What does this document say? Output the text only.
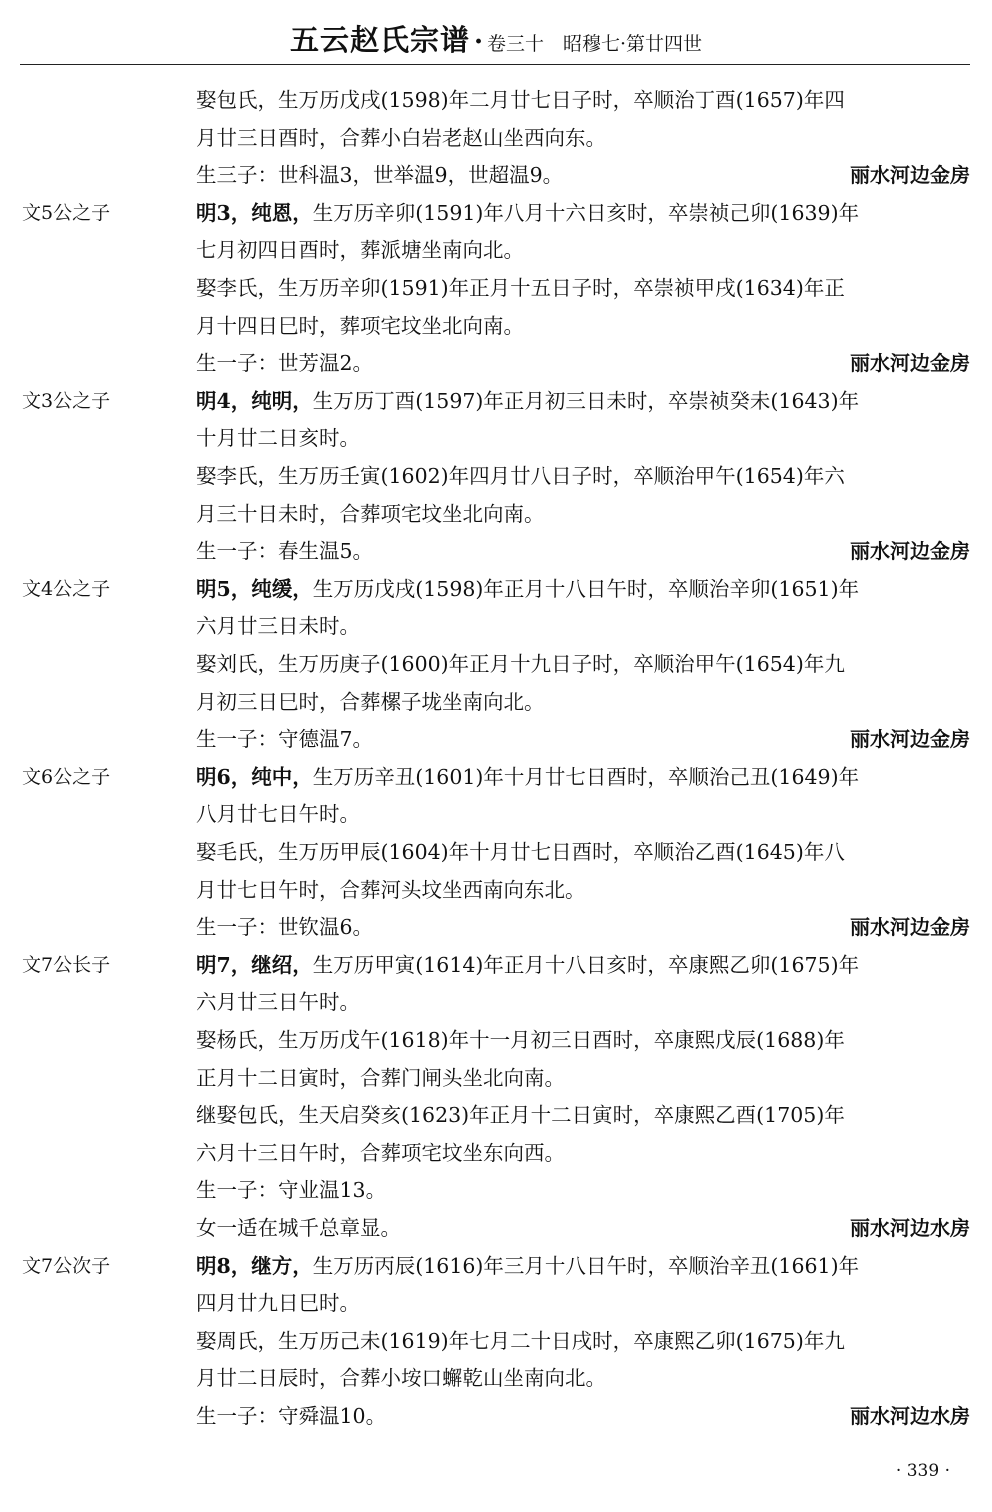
五云赵氏宗谱 · 卷三十　昭穆七·第廿四世
娶包氏，生万历戊戌(1598)年二月廿七日子时，卒顺治丁酉(1657)年四
月廿三日酉时，合葬小白岩老赵山坐西向东。
生三子：世科温3，世举温9，世超温9。	丽水河边金房
文5公之子	明3，纯恩，生万历辛卯(1591)年八月十六日亥时，卒崇祯己卯(1639)年
七月初四日酉时，葬派塘坐南向北。
娶李氏，生万历辛卯(1591)年正月十五日子时，卒崇祯甲戌(1634)年正
月十四日巳时，葬项宅坟坐北向南。
生一子：世芳温2。	丽水河边金房
文3公之子	明4，纯明，生万历丁酉(1597)年正月初三日未时，卒崇祯癸未(1643)年
十月廿二日亥时。
娶李氏，生万历壬寅(1602)年四月廿八日子时，卒顺治甲午(1654)年六
月三十日未时，合葬项宅坟坐北向南。
生一子：春生温5。	丽水河边金房
文4公之子	明5，纯缓，生万历戊戌(1598)年正月十八日午时，卒顺治辛卯(1651)年
六月廿三日未时。
娶刘氏，生万历庚子(1600)年正月十九日子时，卒顺治甲午(1654)年九
月初三日巳时，合葬樏子垅坐南向北。
生一子：守德温7。	丽水河边金房
文6公之子	明6，纯中，生万历辛丑(1601)年十月廿七日酉时，卒顺治己丑(1649)年
八月廿七日午时。
娶毛氏，生万历甲辰(1604)年十月廿七日酉时，卒顺治乙酉(1645)年八
月廿七日午时，合葬河头坟坐西南向东北。
生一子：世钦温6。	丽水河边金房
文7公长子	明7，继绍，生万历甲寅(1614)年正月十八日亥时，卒康熙乙卯(1675)年
六月廿三日午时。
娶杨氏，生万历戊午(1618)年十一月初三日酉时，卒康熙戊辰(1688)年
正月十二日寅时，合葬门闸头坐北向南。
继娶包氏，生天启癸亥(1623)年正月十二日寅时，卒康熙乙酉(1705)年
六月十三日午时，合葬项宅坟坐东向西。
生一子：守业温13。
女一适在城千总章显。	丽水河边水房
文7公次子	明8，继方，生万历丙辰(1616)年三月十八日午时，卒顺治辛丑(1661)年
四月廿九日巳时。
娶周氏，生万历己未(1619)年七月二十日戌时，卒康熙乙卯(1675)年九
月廿二日辰时，合葬小垵口蠏乾山坐南向北。
生一子：守舜温10。	丽水河边水房
· 339 ·
